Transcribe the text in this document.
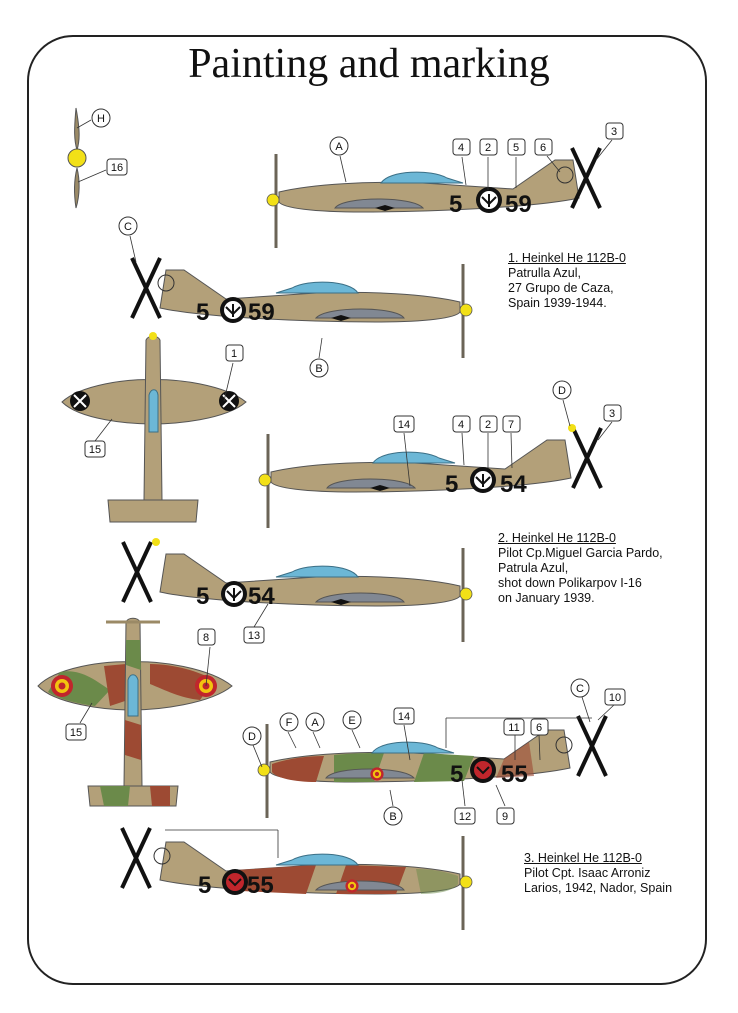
Painting and marking
5 59
5 59
5 54
5 54
5 55
5 55
H
A
C
B
D
C
F A	E
D
B
16
4 2 5 6
3
1
15
14	4 2 7
3
13
8
15
14
11 6
10
12	9
1. Heinkel He 112B-0
Patrulla Azul,
27 Grupo de Caza,
Spain 1939-1944.
2. Heinkel He 112B-0
Pilot Cp.Miguel Garcia Pardo,
Patrula Azul,
shot down Polikarpov I-16
on January 1939.
3. Heinkel He 112B-0
Pilot Cpt. Isaac Arroniz
Larios, 1942, Nador, Spain
